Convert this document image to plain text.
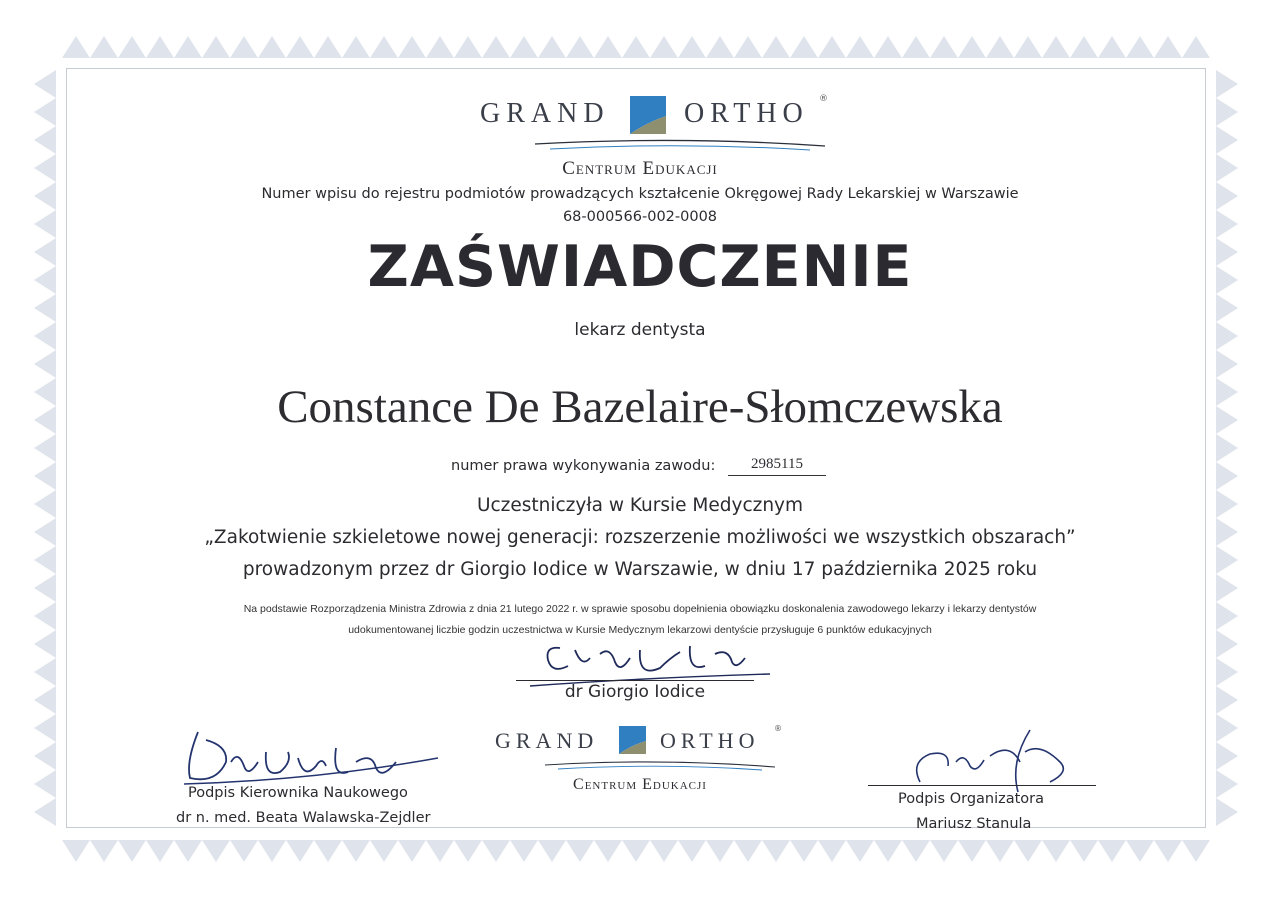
GRAND	ORTHO ®
Centrum Edukacji
Numer wpisu do rejestru podmiotów prowadzących kształcenie Okręgowej Rady Lekarskiej w Warszawie
68-000566-002-0008
ZAŚWIADCZENIE
lekarz dentysta
Constance De Bazelaire-Słomczewska
numer prawa wykonywania zawodu:	2985115
Uczestniczyła w Kursie Medycznym
„Zakotwienie szkieletowe nowej generacji: rozszerzenie możliwości we wszystkich obszarach”
prowadzonym przez dr Giorgio Iodice w Warszawie, w dniu 17 października 2025 roku
Na podstawie Rozporządzenia Ministra Zdrowia z dnia 21 lutego 2022 r. w sprawie sposobu dopełnienia obowiązku doskonalenia zawodowego lekarzy i lekarzy dentystów
udokumentowanej liczbie godzin uczestnictwa w Kursie Medycznym lekarzowi dentyście przysługuje 6 punktów edukacyjnych
dr Giorgio Iodice
GRAND	ORTHO ®
Centrum Edukacji
Podpis Kierownika Naukowego
dr n. med. Beata Walawska-Zejdler
Podpis Organizatora
Mariusz Stanula
